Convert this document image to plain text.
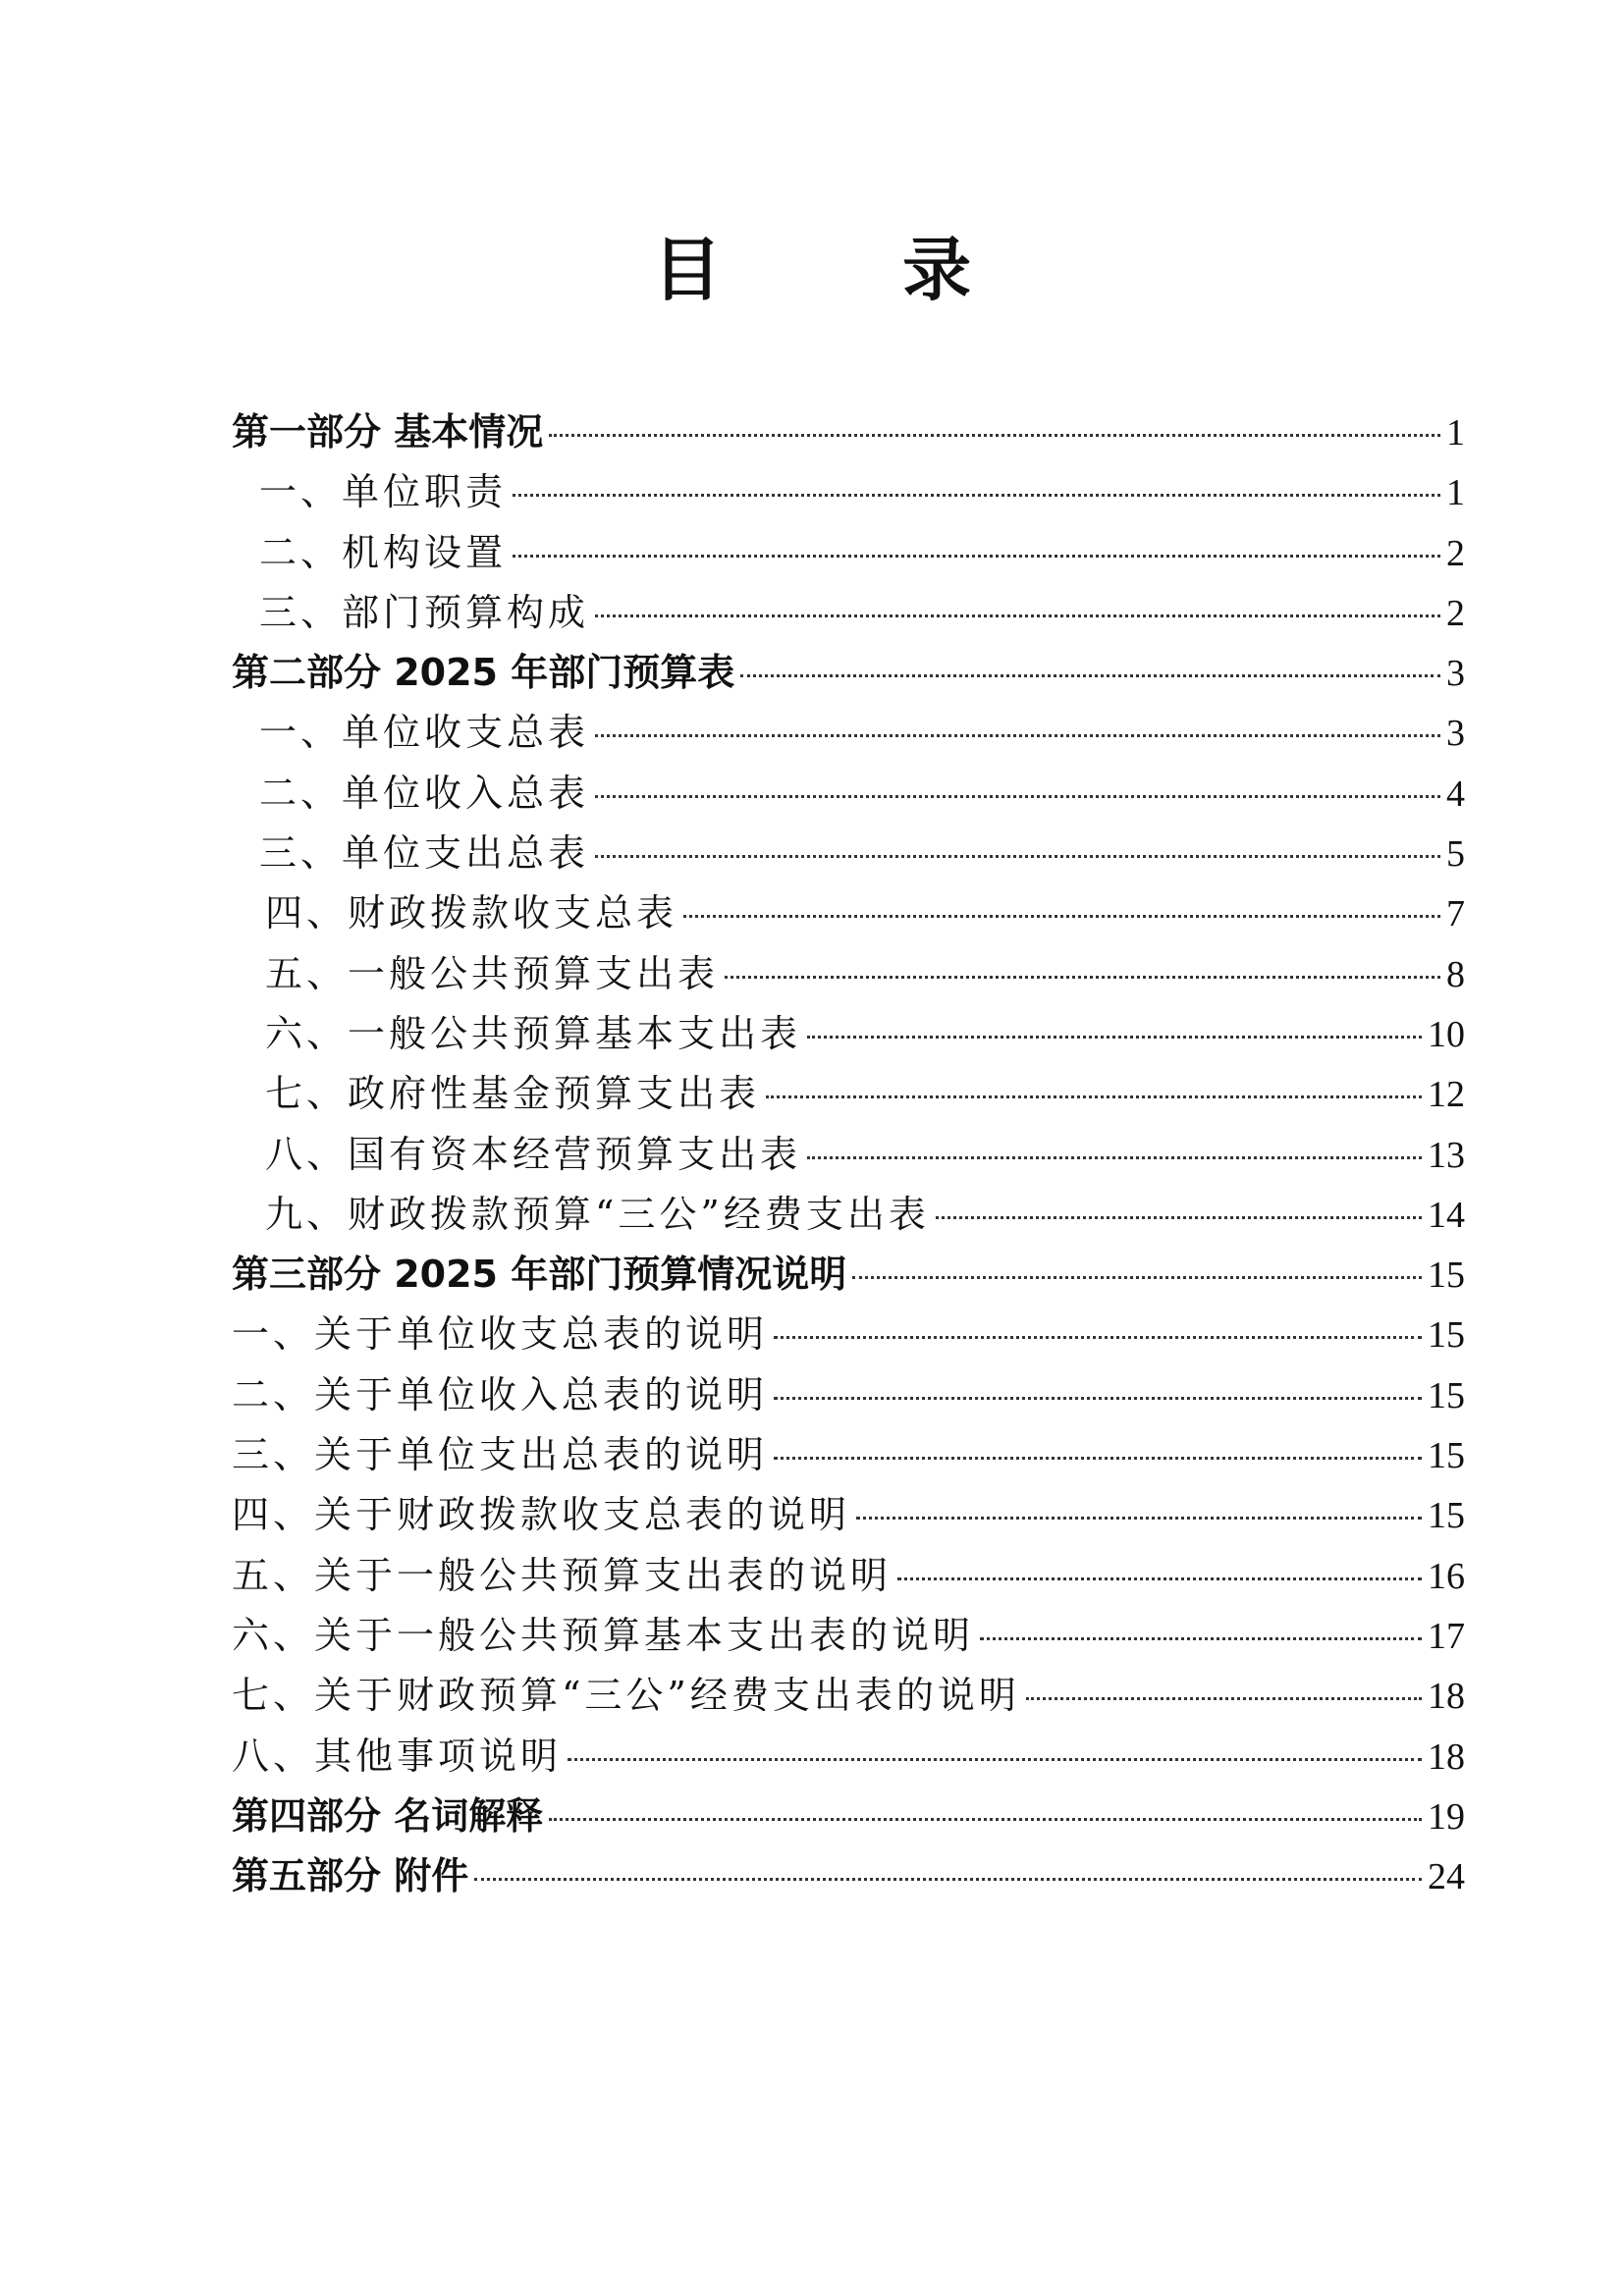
目 录
第一部分 基本情况	1
一、单位职责	1
二、机构设置	2
三、部门预算构成	2
第二部分 2025 年部门预算表	3
一、单位收支总表	3
二、单位收入总表	4
三、单位支出总表	5
四、财政拨款收支总表	7
五、一般公共预算支出表	8
六、一般公共预算基本支出表	10
七、政府性基金预算支出表	12
八、国有资本经营预算支出表	13
九、财政拨款预算“三公”经费支出表	14
第三部分 2025 年部门预算情况说明	15
一、关于单位收支总表的说明	15
二、关于单位收入总表的说明	15
三、关于单位支出总表的说明	15
四、关于财政拨款收支总表的说明	15
五、关于一般公共预算支出表的说明	16
六、关于一般公共预算基本支出表的说明	17
七、关于财政预算“三公”经费支出表的说明	18
八、其他事项说明	18
第四部分 名词解释	19
第五部分 附件	24
